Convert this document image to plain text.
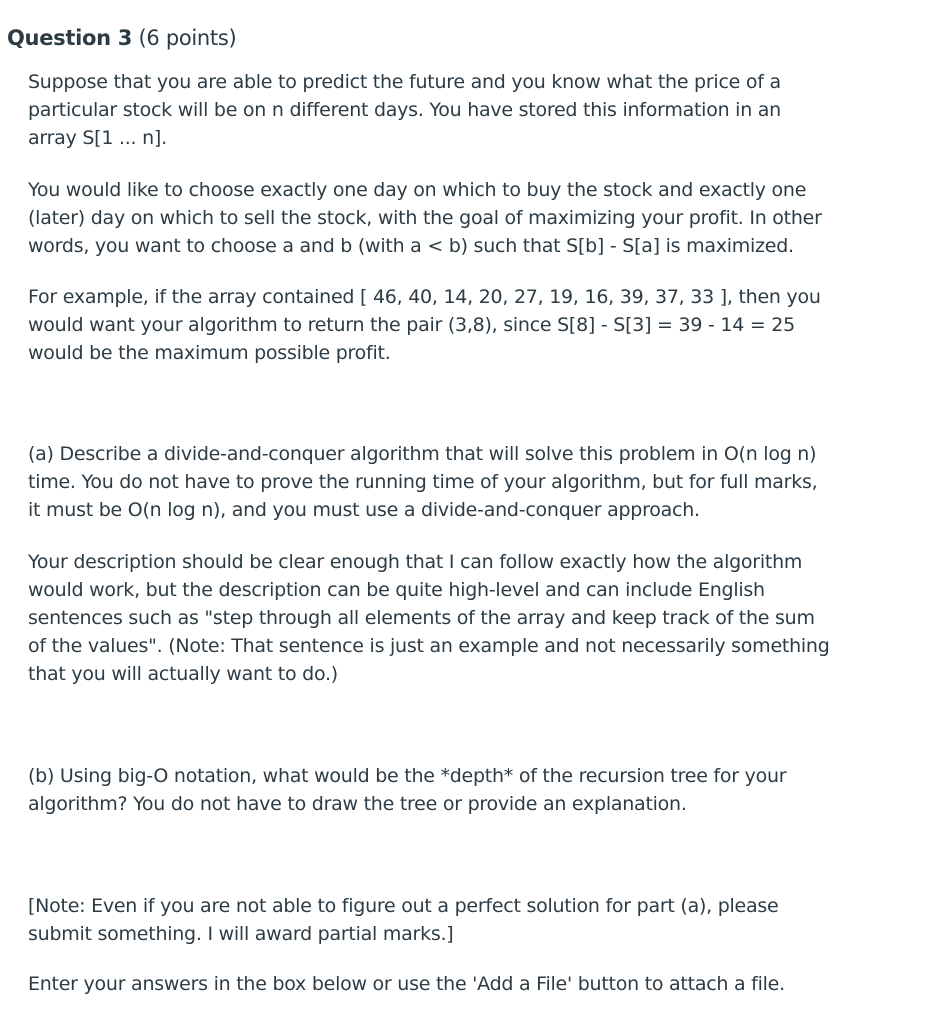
Question 3 (6 points)

Suppose that you are able to predict the future and you know what the price of a
particular stock will be on n different days. You have stored this information in an
array S[1 ... n].

You would like to choose exactly one day on which to buy the stock and exactly one
(later) day on which to sell the stock, with the goal of maximizing your profit. In other
words, you want to choose a and b (with a < b) such that S[b] - S[a] is maximized.

For example, if the array contained [ 46, 40, 14, 20, 27, 19, 16, 39, 37, 33 ], then you
would want your algorithm to return the pair (3,8), since S[8] - S[3] = 39 - 14 = 25
would be the maximum possible profit.

(a) Describe a divide-and-conquer algorithm that will solve this problem in O(n log n)
time. You do not have to prove the running time of your algorithm, but for full marks,
it must be O(n log n), and you must use a divide-and-conquer approach.

Your description should be clear enough that I can follow exactly how the algorithm
would work, but the description can be quite high-level and can include English
sentences such as "step through all elements of the array and keep track of the sum
of the values". (Note: That sentence is just an example and not necessarily something
that you will actually want to do.)

(b) Using big-O notation, what would be the *depth* of the recursion tree for your
algorithm? You do not have to draw the tree or provide an explanation.

[Note: Even if you are not able to figure out a perfect solution for part (a), please
submit something. I will award partial marks.]

Enter your answers in the box below or use the 'Add a File' button to attach a file.
